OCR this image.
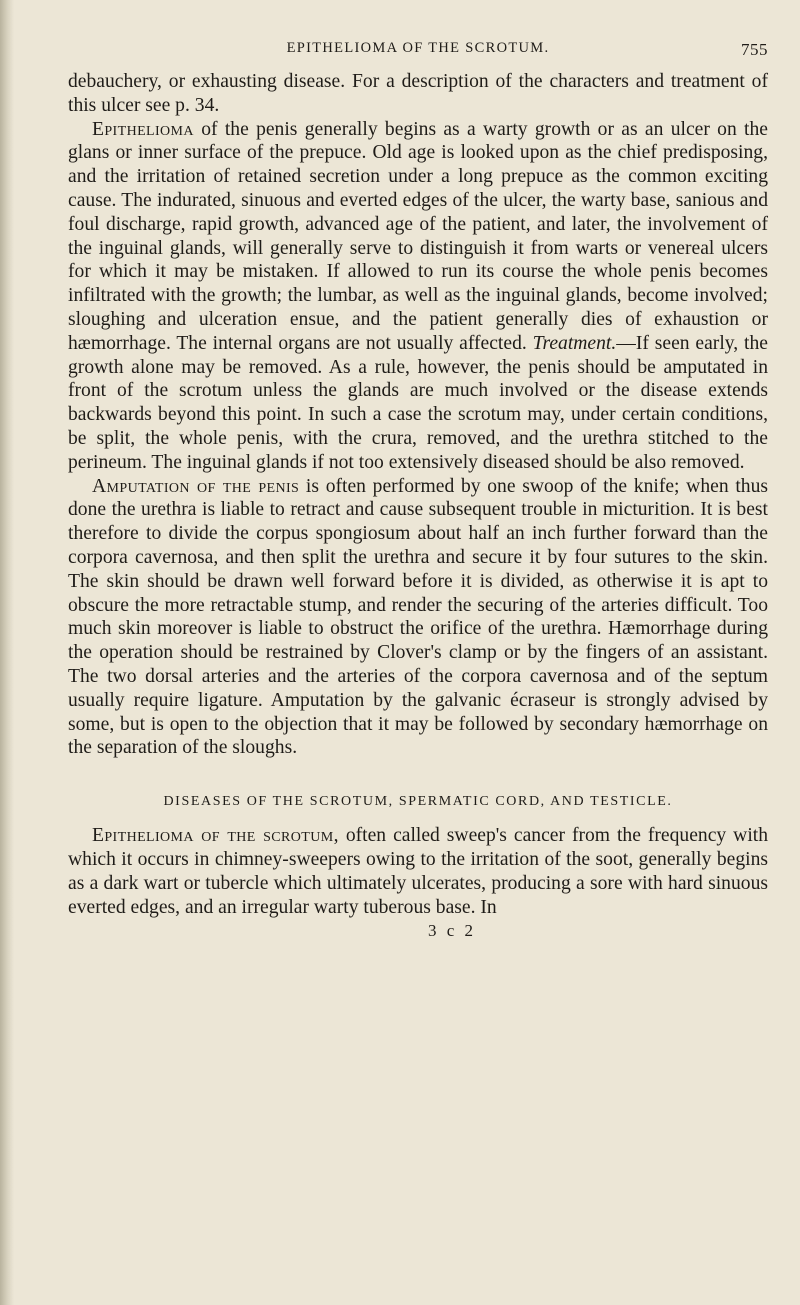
EPITHELIOMA OF THE SCROTUM.	755

debauchery, or exhausting disease. For a description of the characters and treatment of this ulcer see p. 34.

Epithelioma of the penis generally begins as a warty growth or as an ulcer on the glans or inner surface of the prepuce. Old age is looked upon as the chief predisposing, and the irritation of retained secretion under a long prepuce as the common exciting cause. The indurated, sinuous and everted edges of the ulcer, the warty base, sanious and foul discharge, rapid growth, advanced age of the patient, and later, the involvement of the inguinal glands, will generally serve to distinguish it from warts or venereal ulcers for which it may be mistaken. If allowed to run its course the whole penis becomes infiltrated with the growth; the lumbar, as well as the inguinal glands, become involved; sloughing and ulceration ensue, and the patient generally dies of exhaustion or hæmorrhage. The internal organs are not usually affected. Treatment.—If seen early, the growth alone may be removed. As a rule, however, the penis should be amputated in front of the scrotum unless the glands are much involved or the disease extends backwards beyond this point. In such a case the scrotum may, under certain conditions, be split, the whole penis, with the crura, removed, and the urethra stitched to the perineum. The inguinal glands if not too extensively diseased should be also removed.

Amputation of the penis is often performed by one swoop of the knife; when thus done the urethra is liable to retract and cause subsequent trouble in micturition. It is best therefore to divide the corpus spongiosum about half an inch further forward than the corpora cavernosa, and then split the urethra and secure it by four sutures to the skin. The skin should be drawn well forward before it is divided, as otherwise it is apt to obscure the more retractable stump, and render the securing of the arteries difficult. Too much skin moreover is liable to obstruct the orifice of the urethra. Hæmorrhage during the operation should be restrained by Clover's clamp or by the fingers of an assistant. The two dorsal arteries and the arteries of the corpora cavernosa and of the septum usually require ligature. Amputation by the galvanic écraseur is strongly advised by some, but is open to the objection that it may be followed by secondary hæmorrhage on the separation of the sloughs.

DISEASES OF THE SCROTUM, SPERMATIC CORD, AND TESTICLE.

Epithelioma of the scrotum, often called sweep's cancer from the frequency with which it occurs in chimney-sweepers owing to the irritation of the soot, generally begins as a dark wart or tubercle which ultimately ulcerates, producing a sore with hard sinuous everted edges, and an irregular warty tuberous base. In

3 c 2
